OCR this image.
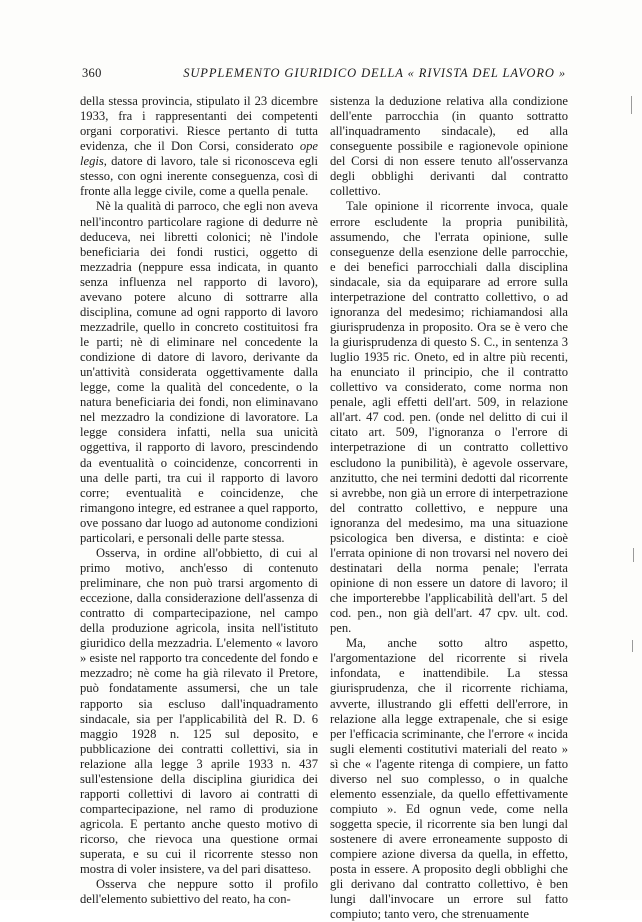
360	SUPPLEMENTO GIURIDICO DELLA « RIVISTA DEL LAVORO »

della stessa provincia, stipulato il 23 dicembre 1933, fra i rappresentanti dei competenti organi corporativi. Riesce pertanto di tutta evidenza, che il Don Corsi, considerato ope legis, datore di lavoro, tale si riconosceva egli stesso, con ogni inerente conseguenza, così di fronte alla legge civile, come a quella penale.

Nè la qualità di parroco, che egli non aveva nell'incontro particolare ragione di dedurre nè deduceva, nei libretti colonici; nè l'indole beneficiaria dei fondi rustici, oggetto di mezzadria (neppure essa indicata, in quanto senza influenza nel rapporto di lavoro), avevano potere alcuno di sottrarre alla disciplina, comune ad ogni rapporto di lavoro mezzadrile, quello in concreto costituitosi fra le parti; nè di eliminare nel concedente la condizione di datore di lavoro, derivante da un'attività considerata oggettivamente dalla legge, come la qualità del concedente, o la natura beneficiaria dei fondi, non eliminavano nel mezzadro la condizione di lavoratore. La legge considera infatti, nella sua unicità oggettiva, il rapporto di lavoro, prescindendo da eventualità o coincidenze, concorrenti in una delle parti, tra cui il rapporto di lavoro corre; eventualità e coincidenze, che rimangono integre, ed estranee a quel rapporto, ove possano dar luogo ad autonome condizioni particolari, e personali delle parte stessa.

Osserva, in ordine all'obbietto, di cui al primo motivo, anch'esso di contenuto preliminare, che non può trarsi argomento di eccezione, dalla considerazione dell'assenza di contratto di compartecipazione, nel campo della produzione agricola, insita nell'istituto giuridico della mezzadria. L'elemento « lavoro » esiste nel rapporto tra concedente del fondo e mezzadro; nè come ha già rilevato il Pretore, può fondatamente assumersi, che un tale rapporto sia escluso dall'inquadramento sindacale, sia per l'applicabilità del R. D. 6 maggio 1928 n. 125 sul deposito, e pubblicazione dei contratti collettivi, sia in relazione alla legge 3 aprile 1933 n. 437 sull'estensione della disciplina giuridica dei rapporti collettivi di lavoro ai contratti di compartecipazione, nel ramo di produzione agricola. E pertanto anche questo motivo di ricorso, che rievoca una questione ormai superata, e su cui il ricorrente stesso non mostra di voler insistere, va del pari disatteso.

Osserva che neppure sotto il profilo dell'elemento subiettivo del reato, ha con-

sistenza la deduzione relativa alla condizione dell'ente parrocchia (in quanto sottratto all'inquadramento sindacale), ed alla conseguente possibile e ragionevole opinione del Corsi di non essere tenuto all'osservanza degli obblighi derivanti dal contratto collettivo.

Tale opinione il ricorrente invoca, quale errore escludente la propria punibilità, assumendo, che l'errata opinione, sulle conseguenze della esenzione delle parrocchie, e dei benefici parrocchiali dalla disciplina sindacale, sia da equiparare ad errore sulla interpetrazione del contratto collettivo, o ad ignoranza del medesimo; richiamandosi alla giurisprudenza in proposito. Ora se è vero che la giurisprudenza di questo S. C., in sentenza 3 luglio 1935 ric. Oneto, ed in altre più recenti, ha enunciato il principio, che il contratto collettivo va considerato, come norma non penale, agli effetti dell'art. 509, in relazione all'art. 47 cod. pen. (onde nel delitto di cui il citato art. 509, l'ignoranza o l'errore di interpetrazione di un contratto collettivo escludono la punibilità), è agevole osservare, anzitutto, che nei termini dedotti dal ricorrente si avrebbe, non già un errore di interpetrazione del contratto collettivo, e neppure una ignoranza del medesimo, ma una situazione psicologica ben diversa, e distinta: e cioè l'errata opinione di non trovarsi nel novero dei destinatari della norma penale; l'errata opinione di non essere un datore di lavoro; il che importerebbe l'applicabilità dell'art. 5 del cod. pen., non già dell'art. 47 cpv. ult. cod. pen.

Ma, anche sotto altro aspetto, l'argomentazione del ricorrente si rivela infondata, e inattendibile. La stessa giurisprudenza, che il ricorrente richiama, avverte, illustrando gli effetti dell'errore, in relazione alla legge extrapenale, che si esige per l'efficacia scriminante, che l'errore « incida sugli elementi costitutivi materiali del reato » sì che « l'agente ritenga di compiere, un fatto diverso nel suo complesso, o in qualche elemento essenziale, da quello effettivamente compiuto ». Ed ognun vede, come nella soggetta specie, il ricorrente sia ben lungi dal sostenere di avere erroneamente supposto di compiere azione diversa da quella, in effetto, posta in essere. A proposito degli obblighi che gli derivano dal contratto collettivo, è ben lungi dall'invocare un errore sul fatto compiuto; tanto vero, che strenuamente
